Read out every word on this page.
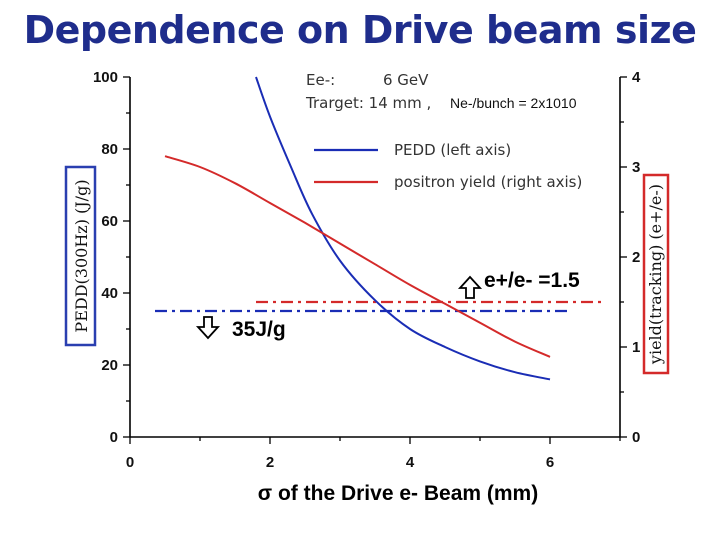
Dependence on Drive beam size
0	2	4	6
0
20
40
60
80
100
0
1
2
3
4
PEDD(300Hz) (J/g)	yield(tracking) (e+/e-)
σ of the Drive e- Beam (mm)
Ee-:	6 GeV
Trarget: 14 mm , Ne-/bunch = 2x1010
PEDD (left axis)
positron yield (right axis)
35J/g
e+/e- =1.5
